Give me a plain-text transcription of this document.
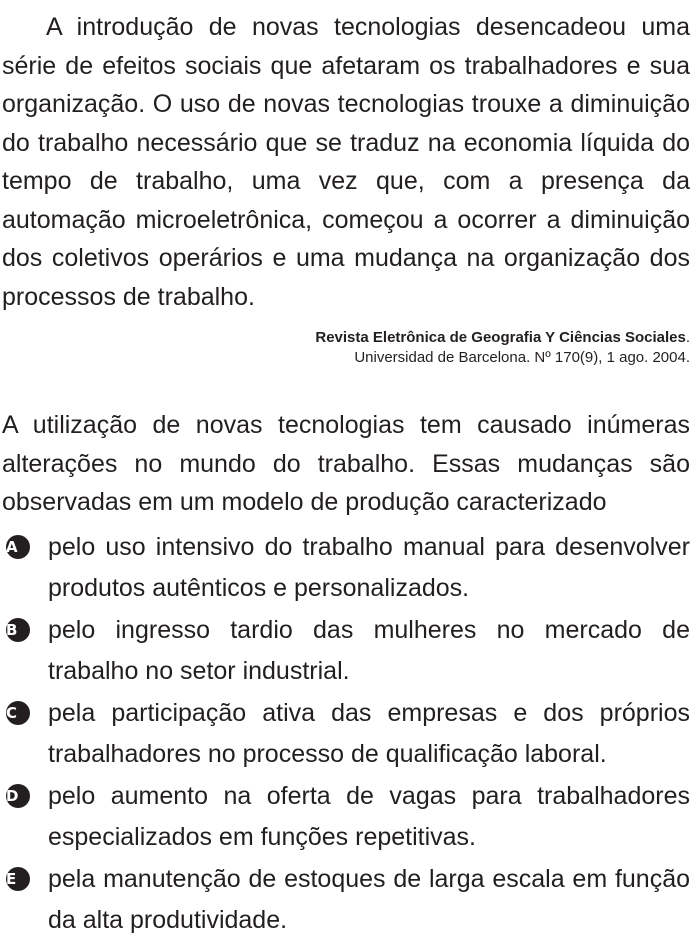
A introdução de novas tecnologias desencadeou uma série de efeitos sociais que afetaram os trabalhadores e sua organização. O uso de novas tecnologias trouxe a diminuição do trabalho necessário que se traduz na economia líquida do tempo de trabalho, uma vez que, com a presença da automação microeletrônica, começou a ocorrer a diminuição dos coletivos operários e uma mudança na organização dos processos de trabalho.

Revista Eletrônica de Geografia Y Ciências Sociales.
Universidad de Barcelona. Nº 170(9), 1 ago. 2004.

A utilização de novas tecnologias tem causado inúmeras alterações no mundo do trabalho. Essas mudanças são observadas em um modelo de produção caracterizado

A	pelo uso intensivo do trabalho manual para desenvolver produtos autênticos e personalizados.
B	pelo ingresso tardio das mulheres no mercado de trabalho no setor industrial.
C	pela participação ativa das empresas e dos próprios trabalhadores no processo de qualificação laboral.
D	pelo aumento na oferta de vagas para trabalhadores especializados em funções repetitivas.
E	pela manutenção de estoques de larga escala em função da alta produtividade.
